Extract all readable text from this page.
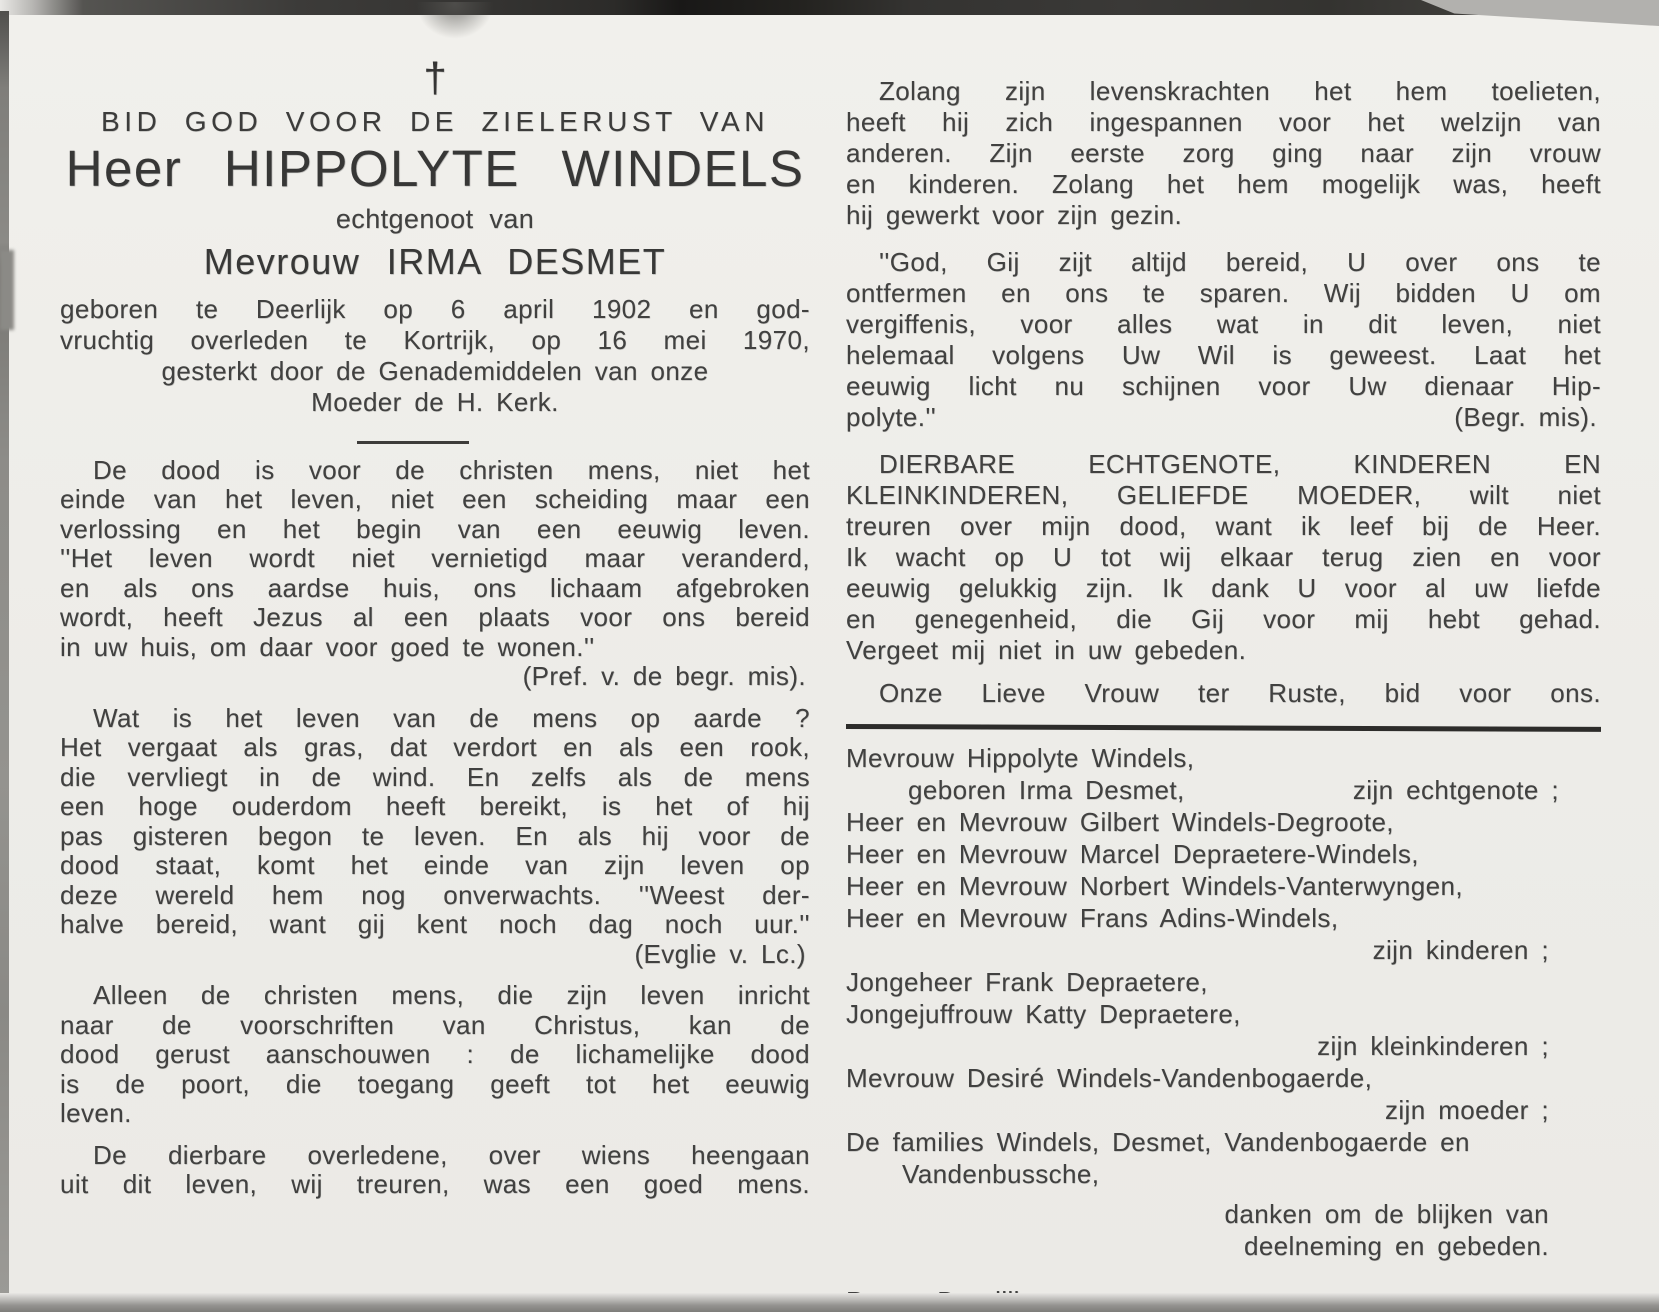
†
BID GOD VOOR DE ZIELERUST VAN
Heer HIPPOLYTE WINDELS
echtgenoot van
Mevrouw IRMA DESMET
geboren te Deerlijk op 6 april 1902 en god-
vruchtig overleden te Kortrijk, op 16 mei 1970,
gesterkt door de Genademiddelen van onze
Moeder de H. Kerk.
De dood is voor de christen mens, niet het
einde van het leven, niet een scheiding maar een
verlossing en het begin van een eeuwig leven.
''Het leven wordt niet vernietigd maar veranderd,
en als ons aardse huis, ons lichaam afgebroken
wordt, heeft Jezus al een plaats voor ons bereid
in uw huis, om daar voor goed te wonen.''
(Pref. v. de begr. mis).
Wat is het leven van de mens op aarde ?
Het vergaat als gras, dat verdort en als een rook,
die vervliegt in de wind. En zelfs als de mens
een hoge ouderdom heeft bereikt, is het of hij
pas gisteren begon te leven. En als hij voor de
dood staat, komt het einde van zijn leven op
deze wereld hem nog onverwachts. ''Weest der-
halve bereid, want gij kent noch dag noch uur.''
(Evglie v. Lc.)
Alleen de christen mens, die zijn leven inricht
naar de voorschriften van Christus, kan de
dood gerust aanschouwen : de lichamelijke dood
is de poort, die toegang geeft tot het eeuwig
leven.
De dierbare overledene, over wiens heengaan
uit dit leven, wij treuren, was een goed mens.
Zolang zijn levenskrachten het hem toelieten,
heeft hij zich ingespannen voor het welzijn van
anderen. Zijn eerste zorg ging naar zijn vrouw
en kinderen. Zolang het hem mogelijk was, heeft
hij gewerkt voor zijn gezin.
''God, Gij zijt altijd bereid, U over ons te
ontfermen en ons te sparen. Wij bidden U om
vergiffenis, voor alles wat in dit leven, niet
helemaal volgens Uw Wil is geweest. Laat het
eeuwig licht nu schijnen voor Uw dienaar Hip-
polyte.''	(Begr. mis).
DIERBARE ECHTGENOTE, KINDEREN EN
KLEINKINDEREN, GELIEFDE MOEDER, wilt niet
treuren over mijn dood, want ik leef bij de Heer.
Ik wacht op U tot wij elkaar terug zien en voor
eeuwig gelukkig zijn. Ik dank U voor al uw liefde
en genegenheid, die Gij voor mij hebt gehad.
Vergeet mij niet in uw gebeden.
Onze Lieve Vrouw ter Ruste, bid voor ons.
Mevrouw Hippolyte Windels,
geboren Irma Desmet,	zijn echtgenote ;
Heer en Mevrouw Gilbert Windels-Degroote,
Heer en Mevrouw Marcel Depraetere-Windels,
Heer en Mevrouw Norbert Windels-Vanterwyngen,
Heer en Mevrouw Frans Adins-Windels,
zijn kinderen ;
Jongeheer Frank Depraetere,
Jongejuffrouw Katty Depraetere,
zijn kleinkinderen ;
Mevrouw Desiré Windels-Vandenbogaerde,
zijn moeder ;
De families Windels, Desmet, Vandenbogaerde en
Vandenbussche,
danken om de blijken van
deelneming en gebeden.
